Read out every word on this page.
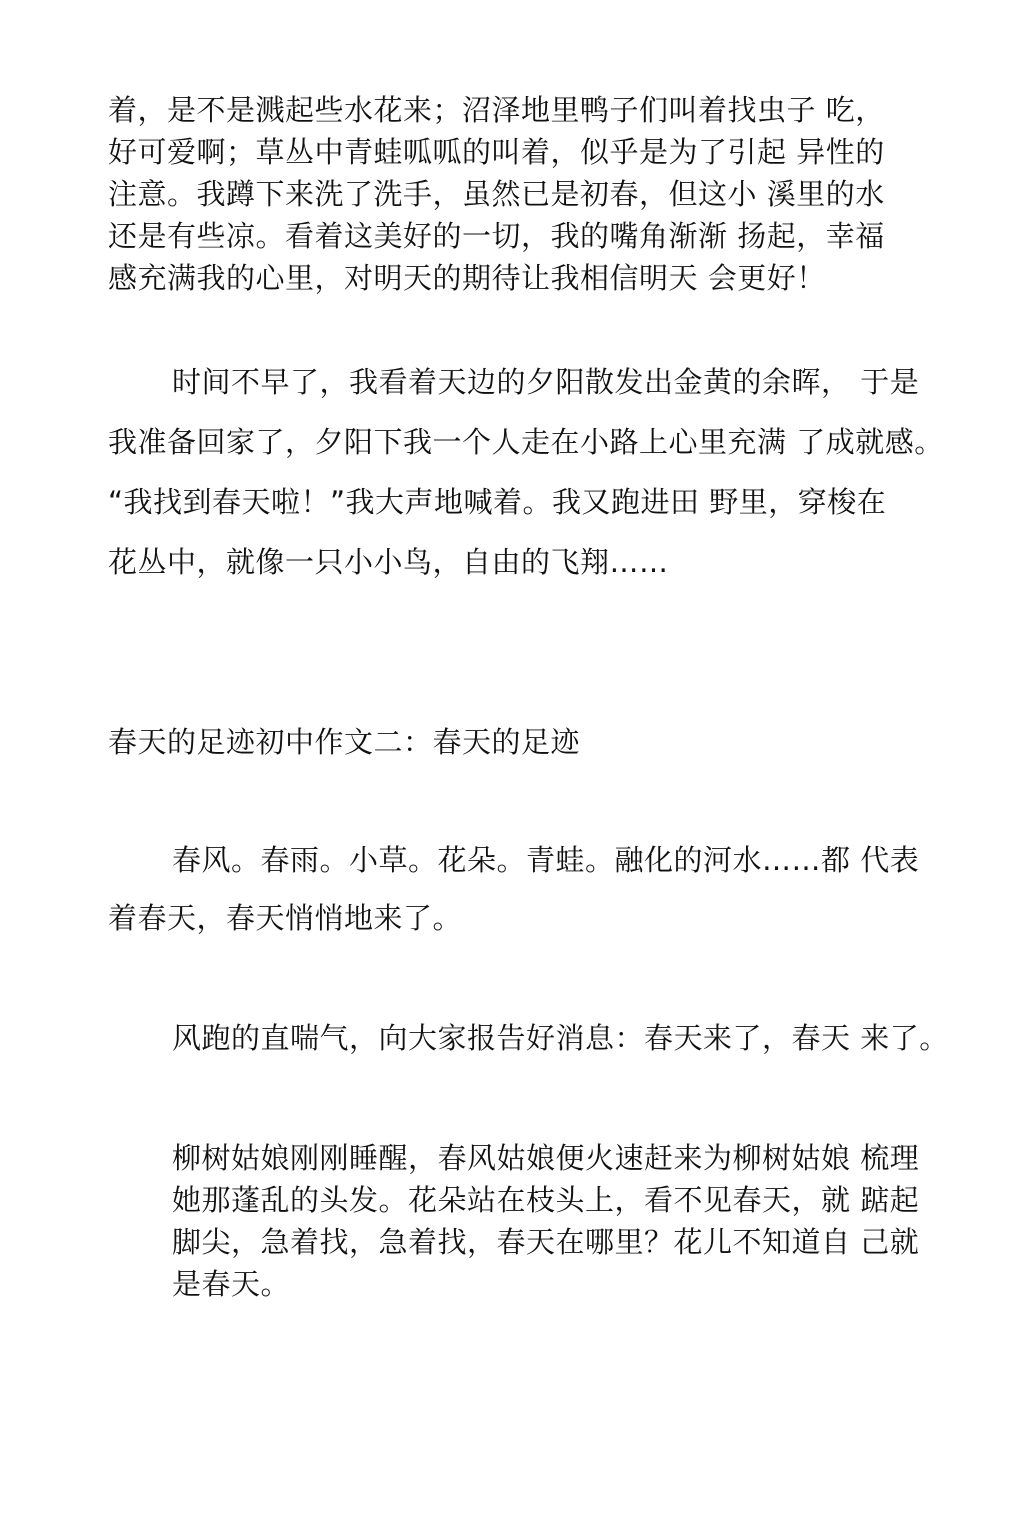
着，是不是溅起些水花来；沼泽地里鸭子们叫着找虫子 吃，
好可爱啊；草丛中青蛙呱呱的叫着，似乎是为了引起 异性的
注意。我蹲下来洗了洗手，虽然已是初春，但这小 溪里的水
还是有些凉。看着这美好的一切，我的嘴角渐渐 扬起，幸福
感充满我的心里，对明天的期待让我相信明天 会更好！
时间不早了，我看着天边的夕阳散发出金黄的余晖， 于是
我准备回家了，夕阳下我一个人走在小路上心里充满 了成就感。
“我找到春天啦！”我大声地喊着。我又跑进田 野里，穿梭在
花丛中，就像一只小小鸟，自由的飞翔……
春天的足迹初中作文二：春天的足迹
春风。春雨。小草。花朵。青蛙。融化的河水……都 代表
着春天，春天悄悄地来了。
风跑的直喘气，向大家报告好消息：春天来了，春天 来了。
柳树姑娘刚刚睡醒，春风姑娘便火速赶来为柳树姑娘 梳理
她那蓬乱的头发。花朵站在枝头上，看不见春天，就 踮起
脚尖，急着找，急着找，春天在哪里？花儿不知道自 己就
是春天。
